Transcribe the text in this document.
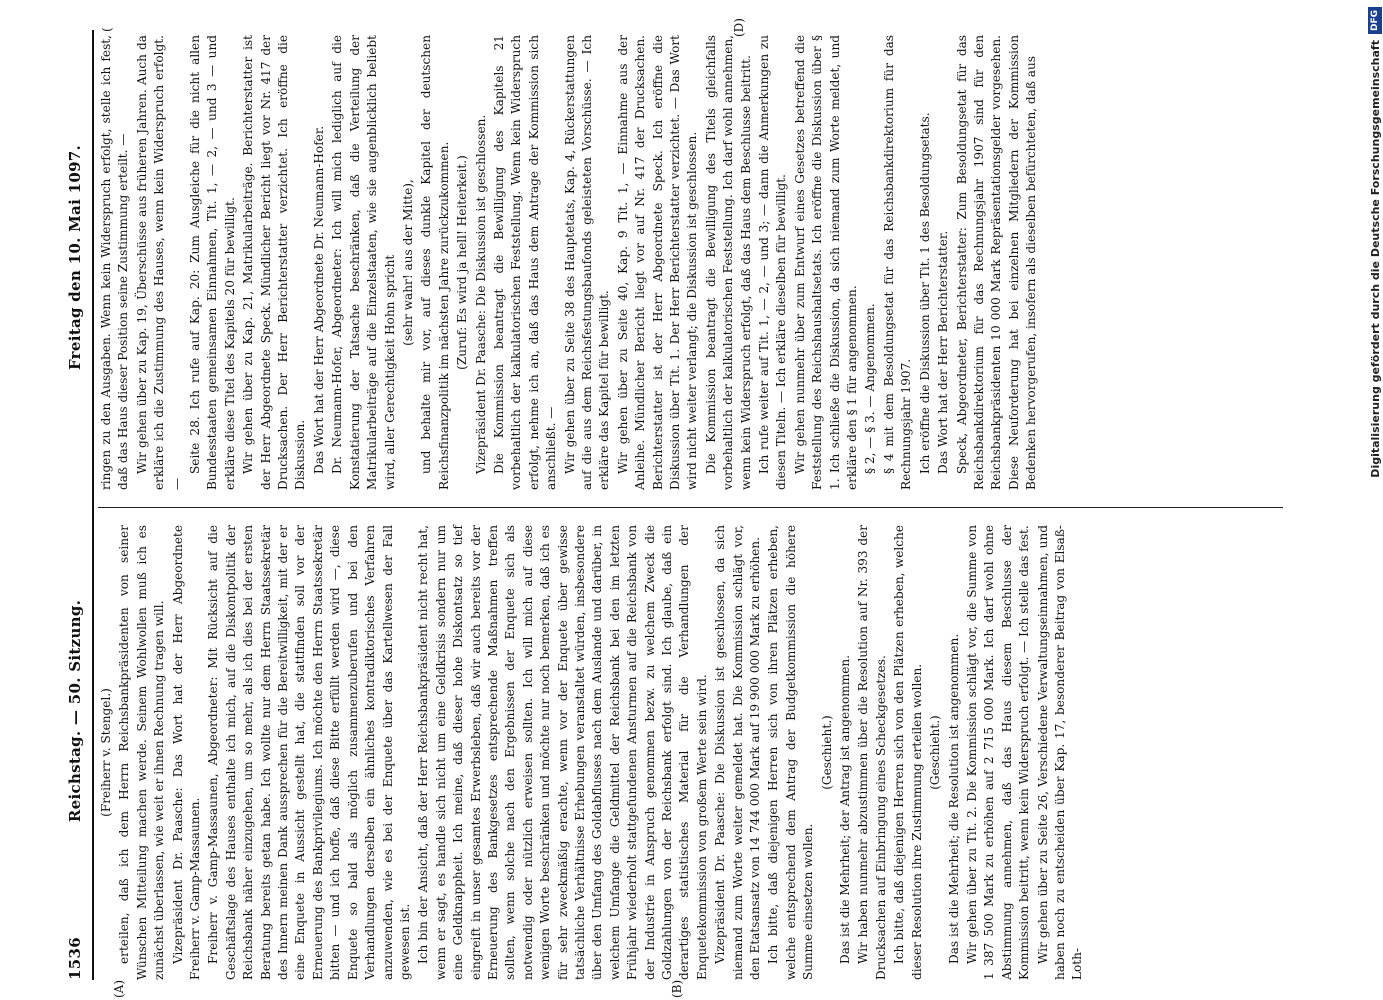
1536
Reichstag. — 50. Sitzung.
Freitag den 10. Mai 1097.

(Freiherr v. Stengel.) erteilen, daß ich dem Herrn Reichsbankpräsidenten von seiner Wünschen Mitteilung machen werde. Seinem Wohlwollen muß ich es zunächst überlassen, wie weit er ihnen Rechnung tragen will. Vizepräsident Dr. Paasche: Das Wort hat der Herr Abgeordnete Freiherr v. Gamp-Massaunen. Freiherr v. Gamp-Massaunen, Abgeordneter: Mit Rücksicht auf die Geschäftslage des Hauses enthalte ich mich, auf die Diskontpolitik der Reichsbank näher einzugehen, um so mehr, als ich dies bei der ersten Beratung bereits getan habe. Ich wollte nur dem Herrn Staatssekretär des Innern meinen Dank aussprechen für die Bereitwilligkeit, mit der er eine Enquete in Aussicht gestellt hat, die stattfinden soll vor der Erneuerung des Bankprivilegiums. Ich möchte den Herrn Staatssekretär bitten — und ich hoffe, daß diese Bitte erfüllt werden wird —, diese Enquete so bald als möglich zusammenzuberufen und bei den Verhandlungen derselben ein ähnliches kontradiktorisches Verfahren anzuwenden, wie es bei der Enquete über das Kartellwesen der Fall gewesen ist. Ich bin der Ansicht, daß der Herr Reichsbankpräsident nicht recht hat, wenn er sagt, es handle sich nicht um eine Geldkrisis sondern nur um eine Geldknappheit. Ich meine, daß dieser hohe Diskontsatz so tief eingreift in unser gesamtes Erwerbsleben, daß wir auch bereits vor der Erneuerung des Bankgesetzes entsprechende Maßnahmen treffen sollten, wenn solche nach den Ergebnissen der Enquete sich als notwendig oder nützlich erweisen sollten. Ich will mich auf diese wenigen Worte beschränken und möchte nur noch bemerken, daß ich es für sehr zweckmäßig erachte, wenn vor der Enquete über gewisse tatsächliche Verhältnisse Erhebungen veranstaltet würden, insbesondere über den Umfang des Goldabflusses nach dem Auslande und darüber, in welchem Umfange die Geldmittel der Reichsbank bei den im letzten Frühjahr wiederholt stattgefundenen Ansturmen auf die Reichsbank von der Industrie in Anspruch genommen bezw. zu welchem Zweck die Goldzahlungen von der Reichsbank erfolgt sind. Ich glaube, daß ein derartiges statistisches Material für die Verhandlungen der Enquetekommission von großem Werte sein wird. Vizepräsident Dr. Paasche: Die Diskussion ist geschlossen, da sich niemand zum Worte weiter gemeldet hat. Die Kommission schlägt vor, den Etatsansatz von 14 744 000 Mark auf 19 900 000 Mark zu erhöhen. Ich bitte, daß diejenigen Herren sich von ihren Plätzen erheben, welche entsprechend dem Antrag der Budgetkommission die höhere Summe einsetzen wollen.

(Geschieht.) Das ist die Mehrheit; der Antrag ist angenommen. Wir haben nunmehr abzustimmen über die Resolution auf Nr. 393 der Drucksachen auf Einbringung eines Scheckgesetzes. Ich bitte, daß diejenigen Herren sich von den Plätzen erheben, welche dieser Resolution ihre Zustimmung erteilen wollen. (Geschieht.) Das ist die Mehrheit; die Resolution ist angenommen. Wir gehen über zu Tit. 2. Die Kommission schlägt vor, die Summe von 1 387 500 Mark zu erhöhen auf 2 715 000 Mark. Ich darf wohl ohne Abstimmung annehmen, daß das Haus diesem Beschlusse der Kommission beitritt, wenn kein Widerspruch erfolgt. — Ich stelle das fest. Wir gehen über zu Seite 26, Verschiedene Verwaltungseinnahmen, und haben noch zu entscheiden über Kap. 17, besonderer Beitrag von Elsaß-Loth-

ringen zu den Ausgaben. Wenn kein Widerspruch erfolgt, stelle ich fest, daß das Haus dieser Position seine Zustimmung erteilt. — Wir gehen über zu Kap. 19, Überschüsse aus früheren Jahren. Auch da erkläre ich die Zustimmung des Hauses, wenn kein Widerspruch erfolgt. —

Seite 28. Ich rufe auf Kap. 20: Zum Ausgleiche für die nicht allen Bundesstaaten gemeinsamen Einnahmen, Tit. 1, — 2, — und 3 — und erkläre diese Titel des Kapitels 20 für bewilligt. Wir gehen über zu Kap. 21, Matrikularbeiträge. Berichterstatter ist der Herr Abgeordnete Speck. Mündlicher Bericht liegt vor Nr. 417 der Drucksachen. Der Herr Berichterstatter verzichtet. Ich eröffne die Diskussion. Das Wort hat der Herr Abgeordnete Dr. Neumann-Hofer. Dr. Neumann-Hofer, Abgeordneter: Ich will mich lediglich auf die Konstatierung der Tatsache beschränken, daß die Verteilung der Matrikularbeiträge auf die Einzelstaaten, wie sie augenblicklich beliebt wird, aller Gerechtigkeit Hohn spricht (sehr wahr! aus der Mitte), und behalte mir vor, auf dieses dunkle Kapitel der deutschen Reichsfinanzpolitik im nächsten Jahre zurückzukommen. (Zuruf: Es wird ja hell! Heiterkeit.) Vizepräsident Dr. Paasche: Die Diskussion ist geschlossen. Die Kommission beantragt die Bewilligung des Kapitels 21 vorbehaltlich der kalkulatorischen Feststellung. Wenn kein Widerspruch erfolgt, nehme ich an, daß das Haus dem Antrage der Kommission sich anschließt. — Wir gehen über zu Seite 38 des Hauptetats, Kap. 4, Rückerstattungen auf die aus dem Reichsfestungsbaufonds geleisteten Vorschüsse. — Ich erkläre das Kapitel für bewilligt. Wir gehen über zu Seite 40, Kap. 9 Tit. 1, — Einnahme aus der Anleihe. Mündlicher Bericht liegt vor auf Nr. 417 der Drucksachen. Berichterstatter ist der Herr Abgeordnete Speck. Ich eröffne die Diskussion über Tit. 1. Der Herr Berichterstatter verzichtet. — Das Wort wird nicht weiter verlangt; die Diskussion ist geschlossen. Die Kommission beantragt die Bewilligung des Titels gleichfalls vorbehaltlich der kalkulatorischen Feststellung. Ich darf wohl annehmen, wenn kein Widerspruch erfolgt, daß das Haus dem Beschlusse beitritt. Ich rufe weiter auf Tit. 1, — 2, — und 3; — dann die Anmerkungen zu diesen Titeln. — Ich erkläre dieselben für bewilligt. Wir gehen nunmehr über zum Entwurf eines Gesetzes betreffend die Feststellung des Reichshaushaltsetats. Ich eröffne die Diskussion über § 1. Ich schließe die Diskussion, da sich niemand zum Worte meldet, und erkläre den § 1 für angenommen. § 2, — § 3. — Angenommen. § 4 mit dem Besoldungsetat für das Reichsbankdirektorium für das Rechnungsjahr 1907. Ich eröffne die Diskussion über Tit. 1 des Besoldungsetats. Das Wort hat der Herr Berichterstatter. Speck, Abgeordneter, Berichterstatter: Zum Besoldungsetat für das Reichsbankdirektorium für das Rechnungsjahr 1907 sind für den Reichsbankpräsidenten 10 000 Mark Repräsentationsgelder vorgesehen. Diese Neuforderung hat bei einzelnen Mitgliedern der Kommission Bedenken hervorgerufen, insofern als dieselben befürchteten, daß aus

(A)	(B)
(	(D)
Digitalisierung gefördert durch die Deutsche Forschungsgemeinschaft
DFG
